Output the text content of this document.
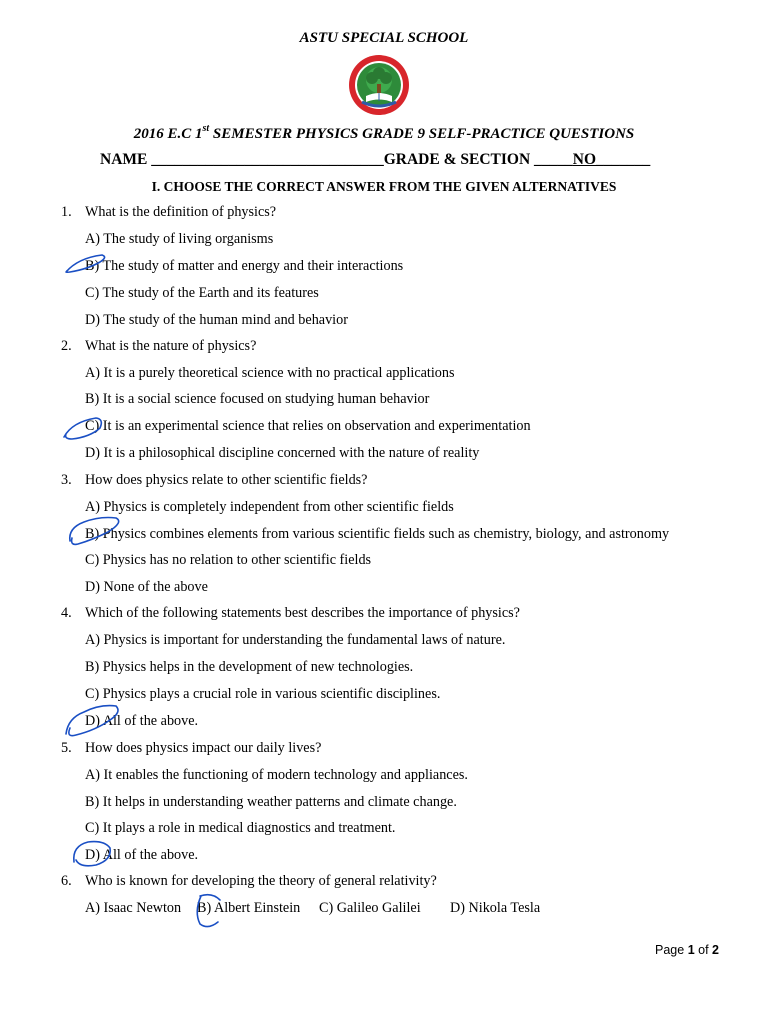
ASTU SPECIAL SCHOOL
2016 E.C 1st SEMESTER PHYSICS GRADE 9 SELF-PRACTICE QUESTIONS
NAME ______________________________GRADE & SECTION _____NO_______
I. CHOOSE THE CORRECT ANSWER FROM THE GIVEN ALTERNATIVES
1. What is the definition of physics?
A) The study of living organisms
B) The study of matter and energy and their interactions
C) The study of the Earth and its features
D) The study of the human mind and behavior
2. What is the nature of physics?
A) It is a purely theoretical science with no practical applications
B) It is a social science focused on studying human behavior
C) It is an experimental science that relies on observation and experimentation
D) It is a philosophical discipline concerned with the nature of reality
3. How does physics relate to other scientific fields?
A) Physics is completely independent from other scientific fields
B) Physics combines elements from various scientific fields such as chemistry, biology, and astronomy
C) Physics has no relation to other scientific fields
D) None of the above
4. Which of the following statements best describes the importance of physics?
A) Physics is important for understanding the fundamental laws of nature.
B) Physics helps in the development of new technologies.
C) Physics plays a crucial role in various scientific disciplines.
D) All of the above.
5. How does physics impact our daily lives?
A) It enables the functioning of modern technology and appliances.
B) It helps in understanding weather patterns and climate change.
C) It plays a role in medical diagnostics and treatment.
D) All of the above.
6. Who is known for developing the theory of general relativity?
A) Isaac Newton B) Albert Einstein C) Galileo Galilei D) Nikola Tesla
Page 1 of 2
